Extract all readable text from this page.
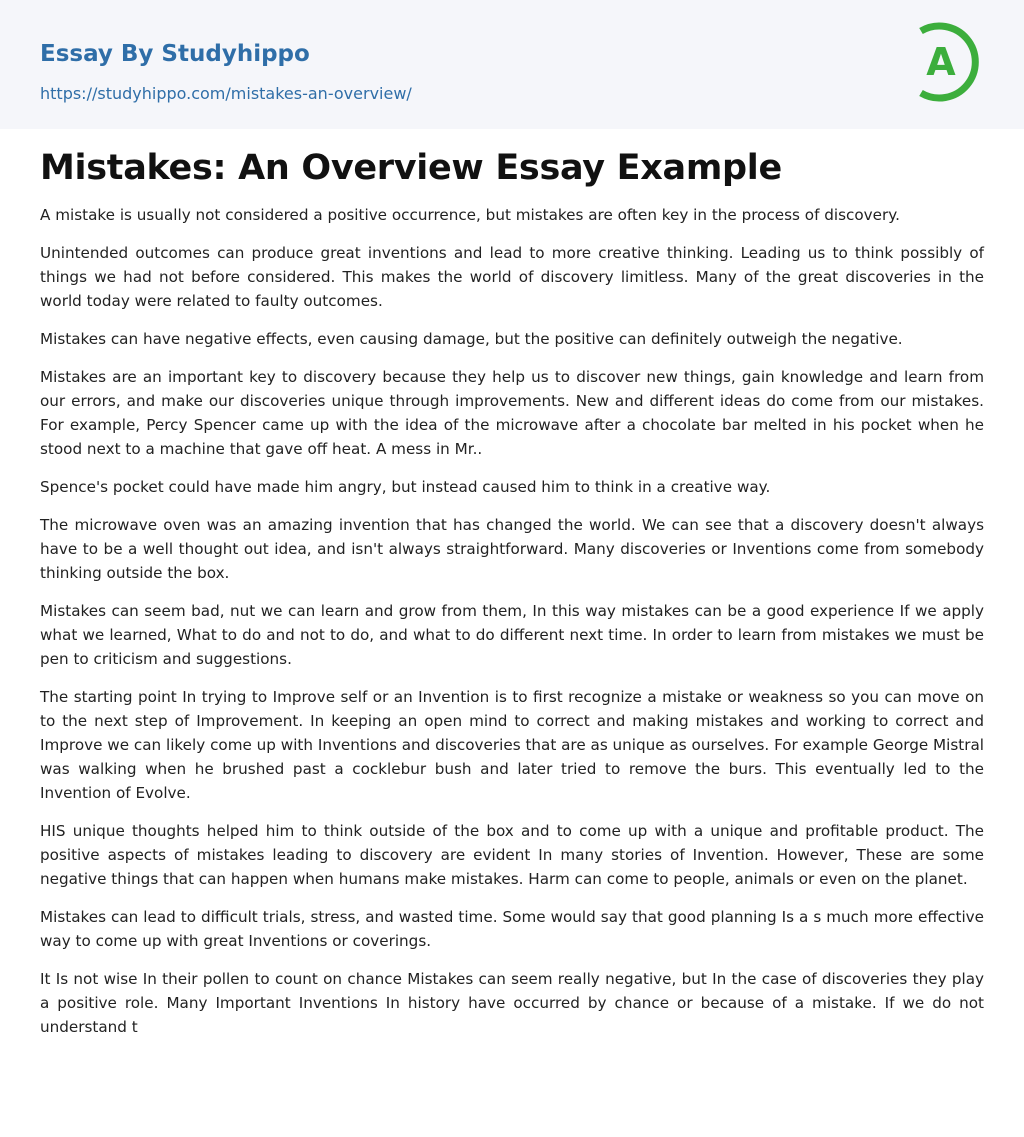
Essay By Studyhippo
https://studyhippo.com/mistakes-an-overview/
A
Mistakes: An Overview Essay Example

A mistake is usually not considered a positive occurrence, but mistakes are often key in the process of discovery.

Unintended outcomes can produce great inventions and lead to more creative thinking. Leading us to think possibly of things we had not before considered. This makes the world of discovery limitless. Many of the great discoveries in the world today were related to faulty outcomes.

Mistakes can have negative effects, even causing damage, but the positive can definitely outweigh the negative.

Mistakes are an important key to discovery because they help us to discover new things, gain knowledge and learn from our errors, and make our discoveries unique through improvements. New and different ideas do come from our mistakes. For example, Percy Spencer came up with the idea of the microwave after a chocolate bar melted in his pocket when he stood next to a machine that gave off heat. A mess in Mr..

Spence's pocket could have made him angry, but instead caused him to think in a creative way.

The microwave oven was an amazing invention that has changed the world. We can see that a discovery doesn't always have to be a well thought out idea, and isn't always straightforward. Many discoveries or Inventions come from somebody thinking outside the box.

Mistakes can seem bad, nut we can learn and grow from them, In this way mistakes can be a good experience If we apply what we learned, What to do and not to do, and what to do different next time. In order to learn from mistakes we must be pen to criticism and suggestions.

The starting point In trying to Improve self or an Invention is to first recognize a mistake or weakness so you can move on to the next step of Improvement. In keeping an open mind to correct and making mistakes and working to correct and Improve we can likely come up with Inventions and discoveries that are as unique as ourselves. For example George Mistral was walking when he brushed past a cocklebur bush and later tried to remove the burs. This eventually led to the Invention of Evolve.

HIS unique thoughts helped him to think outside of the box and to come up with a unique and profitable product. The positive aspects of mistakes leading to discovery are evident In many stories of Invention. However, These are some negative things that can happen when humans make mistakes. Harm can come to people, animals or even on the planet.

Mistakes can lead to difficult trials, stress, and wasted time. Some would say that good planning Is a s much more effective way to come up with great Inventions or coverings.

It Is not wise In their pollen to count on chance Mistakes can seem really negative, but In the case of discoveries they play a positive role. Many Important Inventions In history have occurred by chance or because of a mistake. If we do not understand t
